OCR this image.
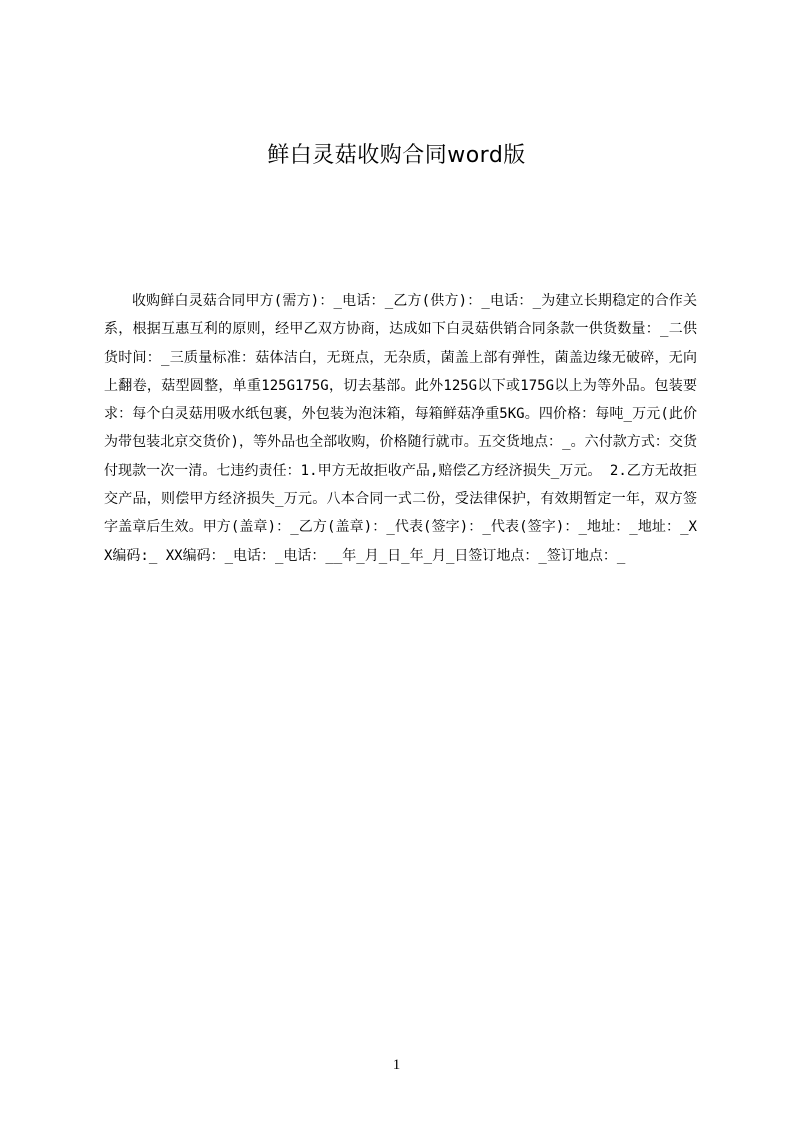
鲜白灵菇收购合同word版

收购鲜白灵菇合同甲方(需方)：_电话：_乙方(供方)：_电话：_为建立长期稳定的合作关系，根据互惠互利的原则，经甲乙双方协商，达成如下白灵菇供销合同条款一供货数量：_二供货时间：_三质量标准：菇体洁白，无斑点，无杂质，菌盖上部有弹性，菌盖边缘无破碎，无向上翻卷，菇型圆整，单重125G175G，切去基部。此外125G以下或175G以上为等外品。包装要求：每个白灵菇用吸水纸包裹，外包装为泡沫箱，每箱鲜菇净重5KG。四价格：每吨_万元(此价为带包装北京交货价)，等外品也全部收购，价格随行就市。五交货地点：_。六付款方式：交货付现款一次一清。七违约责任：1.甲方无故拒收产品,赔偿乙方经济损失_万元。 2.乙方无故拒交产品，则偿甲方经济损失_万元。八本合同一式二份，受法律保护，有效期暂定一年，双方签字盖章后生效。甲方(盖章)：_乙方(盖章)：_代表(签字)：_代表(签字)：_地址：_地址：_XX编码:_ XX编码：_电话：_电话：__年_月_日_年_月_日签订地点：_签订地点：_

1
